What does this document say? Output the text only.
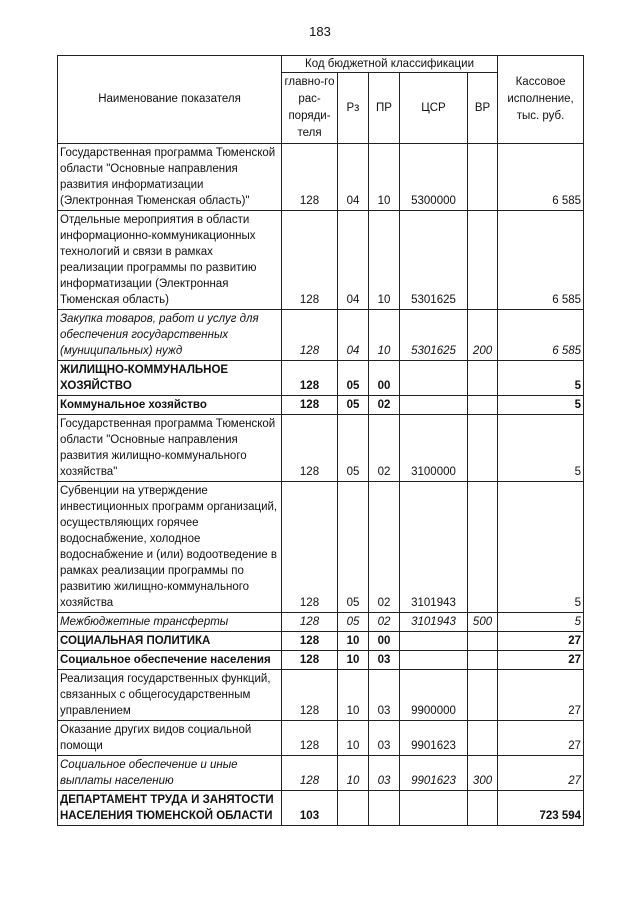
183
Наименование показателя	Код бюджетной классификации					Кассовое исполнение, тыс. руб.
	главно-го рас-поряди-теля	Рз	ПР	ЦСР	ВР	
Государственная программа Тюменской области "Основные направления развития информатизации (Электронная Тюменская область)"	128	04	10	5300000		6 585
Отдельные мероприятия в области информационно-коммуникационных технологий и связи в рамках реализации программы по развитию информатизации (Электронная Тюменская область)	128	04	10	5301625		6 585
Закупка товаров, работ и услуг для обеспечения государственных (муниципальных) нужд	128	04	10	5301625	200	6 585
ЖИЛИЩНО-КОММУНАЛЬНОЕ ХОЗЯЙСТВО	128	05	00			5
Коммунальное хозяйство	128	05	02			5
Государственная программа Тюменской области "Основные направления развития жилищно-коммунального хозяйства"	128	05	02	3100000		5
Субвенции на утверждение инвестиционных программ организаций, осуществляющих горячее водоснабжение, холодное водоснабжение и (или) водоотведение в рамках реализации программы по развитию жилищно-коммунального хозяйства	128	05	02	3101943		5
Межбюджетные трансферты	128	05	02	3101943	500	5
СОЦИАЛЬНАЯ ПОЛИТИКА	128	10	00			27
Социальное обеспечение населения	128	10	03			27
Реализация государственных функций, связанных с общегосударственным управлением	128	10	03	9900000		27
Оказание других видов социальной помощи	128	10	03	9901623		27
Социальное обеспечение и иные выплаты населению	128	10	03	9901623	300	27
ДЕПАРТАМЕНТ ТРУДА И ЗАНЯТОСТИ НАСЕЛЕНИЯ ТЮМЕНСКОЙ ОБЛАСТИ	103					723 594
